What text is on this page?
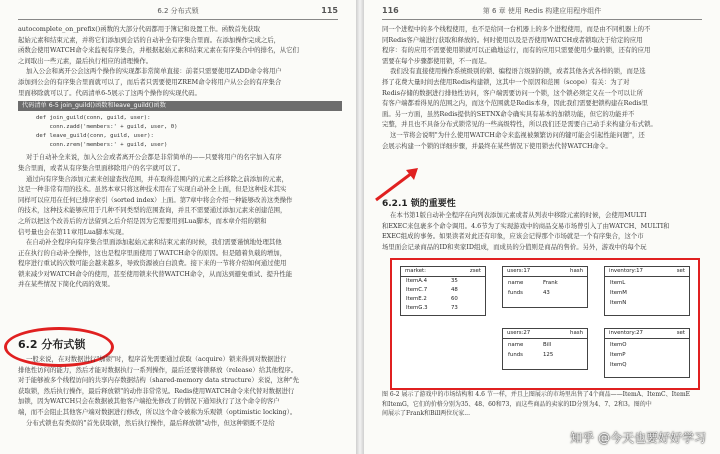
6.2 分布式锁	115
autocomplete_on_prefix()函数的大部分代码都用于簿记和设置工作。函数首先获取
起始元素和结束元素，并将它们添加到会话的自动补全有序集合里面。在添加操作完成之后，
函数会使用WATCH命令来监视有序集合，并根据起始元素和结束元素在有序集合中的排名，从它们
之间取出一些元素，最后执行相应的清理操作。
加入公会和离开公会这两个操作的实现都非常简单直接：前者只需要使用ZADD命令将用户
添加到公会的有序集合里面就可以了，而后者只需要使用ZREM命令将用户从公会的有序集合
里面移除就可以了。代码清单6-5展示了这两个操作的实现代码。
代码清单 6-5 join_guild()函数和leave_guild()函数
def join_guild(conn, guild, user):
conn.zadd('members:' + guild, user, 0)
def leave_guild(conn, guild, user):
conn.zrem('members:' + guild, user)
对于自动补全来说，加入公会或者离开公会都是非常简单的——只要将用户的名字加入有序
集合里面，或者从有序集合里面移除用户的名字就可以了。
通过向有序集合添加元素来创建查找范围，并在取得范围内的元素之后移除之前添加的元素，
这是一种非常有用的技术。虽然本章只将这种技术用在了实现自动补全上面，但是这种技术其实
同样可以应用在任何已排序索引（sorted index）上面。第7章中将会介绍一种能够改善这类操作
的技术，这种技术能够应用于几种不同类型的范围查询，并且不需要通过添加元素来创建范围，
之所以把这个改善后的方法留到之后介绍是因为它需要用到Lua脚本，而本章介绍的锁和
信号量也会在第11章用Lua脚本实现。
在自动补全程序向有序集合里面添加起始元素和结束元素的时候，我们需要谨慎地处理其他
正在执行的自动补全操作，这也是程序里面使用了WATCH命令的原因。但是随着负载的增加，
程序进行重试的次数可能会越来越多，导致资源被白白浪费。接下来的一节将介绍如何通过使用
锁来减少对WATCH命令的使用，甚至使用锁来代替WATCH命令，从而达到避免重试、提升性能
并在某些情况下简化代码的效果。
6.2 分布式锁
一般来说，在对数据进行"加锁"时，程序首先需要通过获取（acquire）锁来得到对数据进行
排他性访问的能力，然后才能对数据执行一系列操作，最后还要将锁释放（release）给其他程序。
对于能够被多个线程访问的共享内存数据结构（shared-memory data structure）来说，这种"先
获取锁，然后执行操作，最后释放锁"的动作非常常见。Redis使用WATCH命令来代替对数据进行
加锁，因为WATCH只会在数据被其他客户端抢先修改了的情况下通知执行了这个命令的客户
端，而不会阻止其他客户端对数据进行修改，所以这个命令被称为乐观锁（optimistic locking）。
分布式锁也有类似的"首先获取锁，然后执行操作，最后释放锁"动作，但这种锁既不是给
116	第 6 章 使用 Redis 构建应用程序组件
同一个进程中的多个线程使用，也不是给同一台机器上的多个进程使用，而是由不同机器上的不
同Redis客户端进行获取和释放的。何时使用以及是否使用WATCH或者锁取决于给定的应用
程序：有的应用不需要使用锁就可以正确地运行，而有的应用只需要使用少量的锁，还有的应用
需要在每个步骤都使用锁，不一而足。
我们没有直接使用操作系统级别的锁、编程语言级别的锁，或者其他各式各样的锁，而是选
择了花费大量时间去使用Redis构建锁，这其中一个原因和范围（scope）有关：为了对
Redis存储的数据进行排他性访问，客户端需要访问一个锁，这个锁必须定义在一个可以让所
有客户端都看得见的范围之内，而这个范围就是Redis本身，因此我们需要把锁构建在Redis里
面。另一方面，虽然Redis提供的SETNX命令确实具有基本的加锁功能，但它的功能并不
完整，并且也不具备分布式锁常见的一些高级特性，所以我们还是需要自己动手来构建分布式锁。
这一节将会说明"为什么使用WATCH命令来监视被频繁访问的键可能会引起性能问题"，还
会展示构建一个锁的详细步骤，并最终在某些情况下使用锁去代替WATCH命令。
6.2.1 锁的重要性
在本书第1版自动补全程序在向列表添加元素或者从列表中移除元素的时候，会使用MULTI
和EXEC来包裹多个命令调用。4.6节为了实现游戏中的商品交易市场曾引入了由WATCH、MULTI和
EXEC组成的事务。如果读者对此还有印象，应该会记得那个市场就是一个有序集合，这个市
场里面会记录商品的ID和卖家ID组成，而成员的分值则是商品的售价。另外，游戏中的每个玩
market:	zset
ItemA.4	35
ItemC.7	48
ItemE.2	60
ItemG.3	73
users:17	hash
name	Frank
funds	43
users:27	hash
name	Bill
funds	125
inventory:17	set
ItemL
ItemM
ItemN
inventory:27	set
ItemO
ItemP
ItemQ
图 6-2 展示了游戏中的市场结构和 4.6 节一样，并且上图展示的市场里出售了4个商品——ItemA、ItemC、ItemE
和ItemG，它们的价格分别为35、48、60和73，而这些商品的卖家的ID分别为4、7、2和3。图的中
间展示了Frank和Bill两位玩家...
知乎 @今天也要好好学习
